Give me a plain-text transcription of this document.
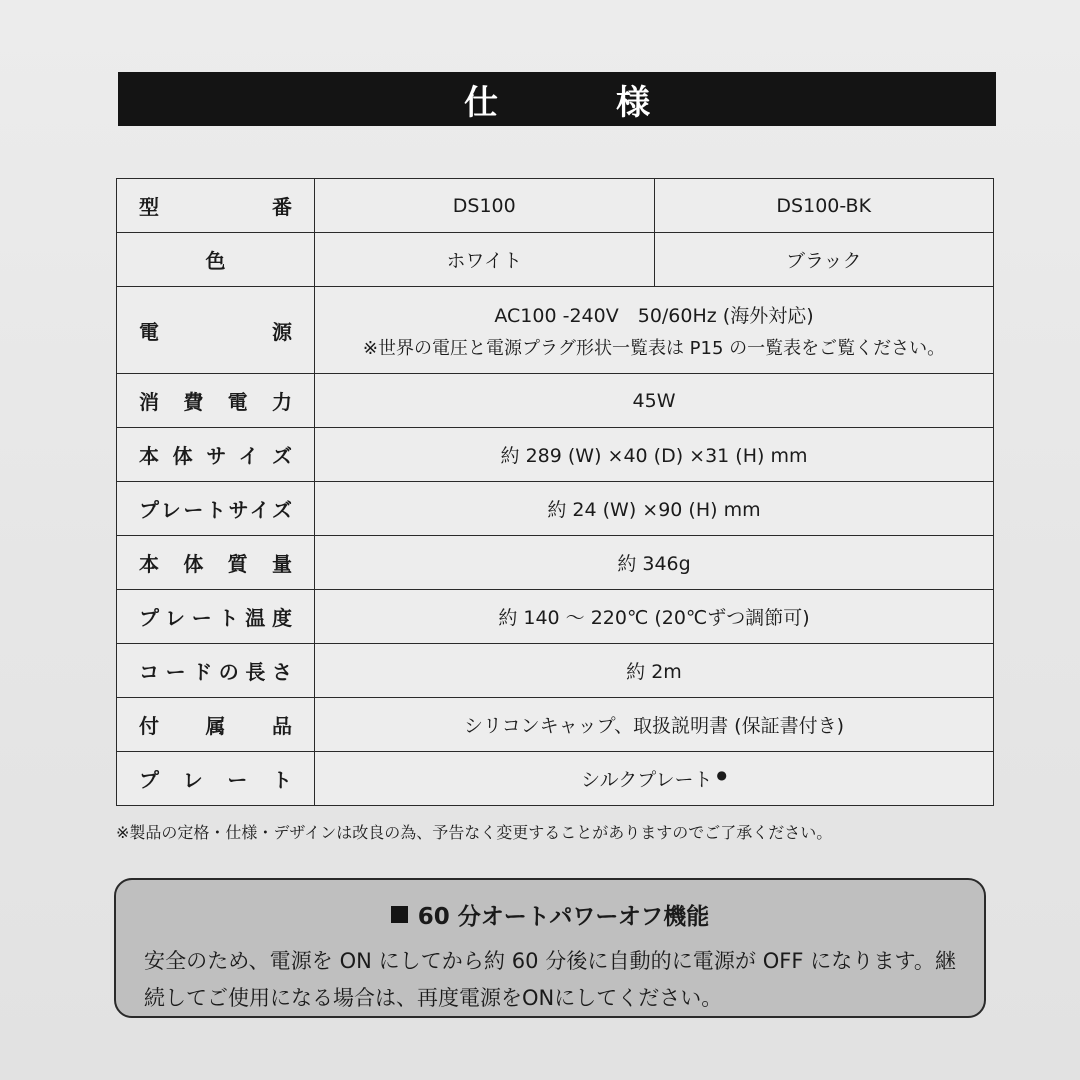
仕　様
型番	DS100	DS100-BK
色	ホワイト	ブラック
電源	AC100 -240V　50/60Hz (海外対応)
※世界の電圧と電源プラグ形状一覧表は P15 の一覧表をご覧ください。	

消費電力	45W	
本体サイズ	約 289 (W) ×40 (D) ×31 (H) mm	
プレートサイズ	約 24 (W) ×90 (H) mm	
本体質量	約 346g	
プレート温度	約 140 ～ 220℃ (20℃ずつ調節可)	
コードの長さ	約 2m	
付属品	シリコンキャップ、取扱説明書 (保証書付き)	
プレート	シルクプレート ●	
※製品の定格・仕様・デザインは改良の為、予告なく変更することがありますのでご了承ください。
60 分オートパワーオフ機能
安全のため、電源を ON にしてから約 60 分後に自動的に電源が OFF になります。継続してご使用になる場合は、再度電源をONにしてください。
